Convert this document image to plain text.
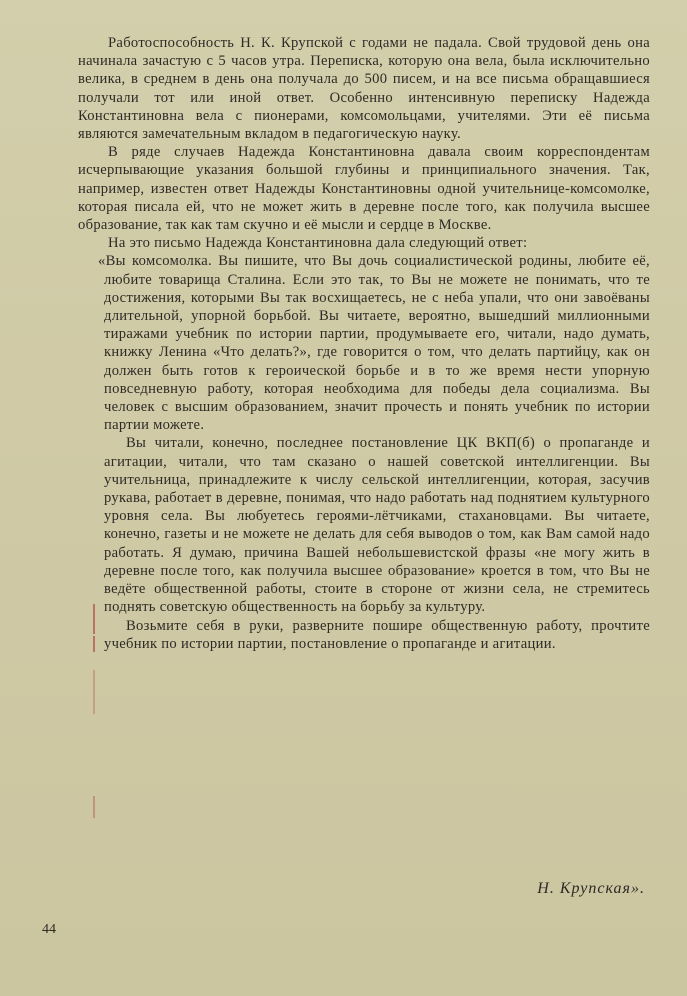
Работоспособность Н. К. Крупской с годами не падала. Свой трудовой день она начинала зачастую с 5 часов утра. Переписка, которую она вела, была исключительно велика, в среднем в день она получала до 500 писем, и на все письма обращавшиеся получали тот или иной ответ. Особенно интенсивную переписку Надежда Константиновна вела с пионерами, комсомольцами, учителями. Эти её письма являются замечательным вкладом в педагогическую науку.

В ряде случаев Надежда Константиновна давала своим корреспондентам исчерпывающие указания большой глубины и принципиального значения. Так, например, известен ответ Надежды Константиновны одной учительнице-комсомолке, которая писала ей, что не может жить в деревне после того, как получила высшее образование, так как там скучно и её мысли и сердце в Москве.

На это письмо Надежда Константиновна дала следующий ответ:

«Вы комсомолка. Вы пишите, что Вы дочь социалистической родины, любите её, любите товарища Сталина. Если это так, то Вы не можете не понимать, что те достижения, которыми Вы так восхищаетесь, не с неба упали, что они завоёваны длительной, упорной борьбой. Вы читаете, вероятно, вышедший миллионными тиражами учебник по истории партии, продумываете его, читали, надо думать, книжку Ленина «Что делать?», где говорится о том, что делать партийцу, как он должен быть готов к героической борьбе и в то же время нести упорную повседневную работу, которая необходима для победы дела социализма. Вы человек с высшим образованием, значит прочесть и понять учебник по истории партии можете.

Вы читали, конечно, последнее постановление ЦК ВКП(б) о пропаганде и агитации, читали, что там сказано о нашей советской интеллигенции. Вы учительница, принадлежите к числу сельской интеллигенции, которая, засучив рукава, работает в деревне, понимая, что надо работать над поднятием культурного уровня села. Вы любуетесь героями-лётчиками, стахановцами. Вы читаете, конечно, газеты и не можете не делать для себя выводов о том, как Вам самой надо работать. Я думаю, причина Вашей небольшевистской фразы «не могу жить в деревне после того, как получила высшее образование» кроется в том, что Вы не ведёте общественной работы, стоите в стороне от жизни села, не стремитесь поднять советскую общественность на борьбу за культуру.

Возьмите себя в руки, разверните пошире общественную работу, прочтите учебник по истории партии, постановление о пропаганде и агитации.

Н. Крупская».
44
